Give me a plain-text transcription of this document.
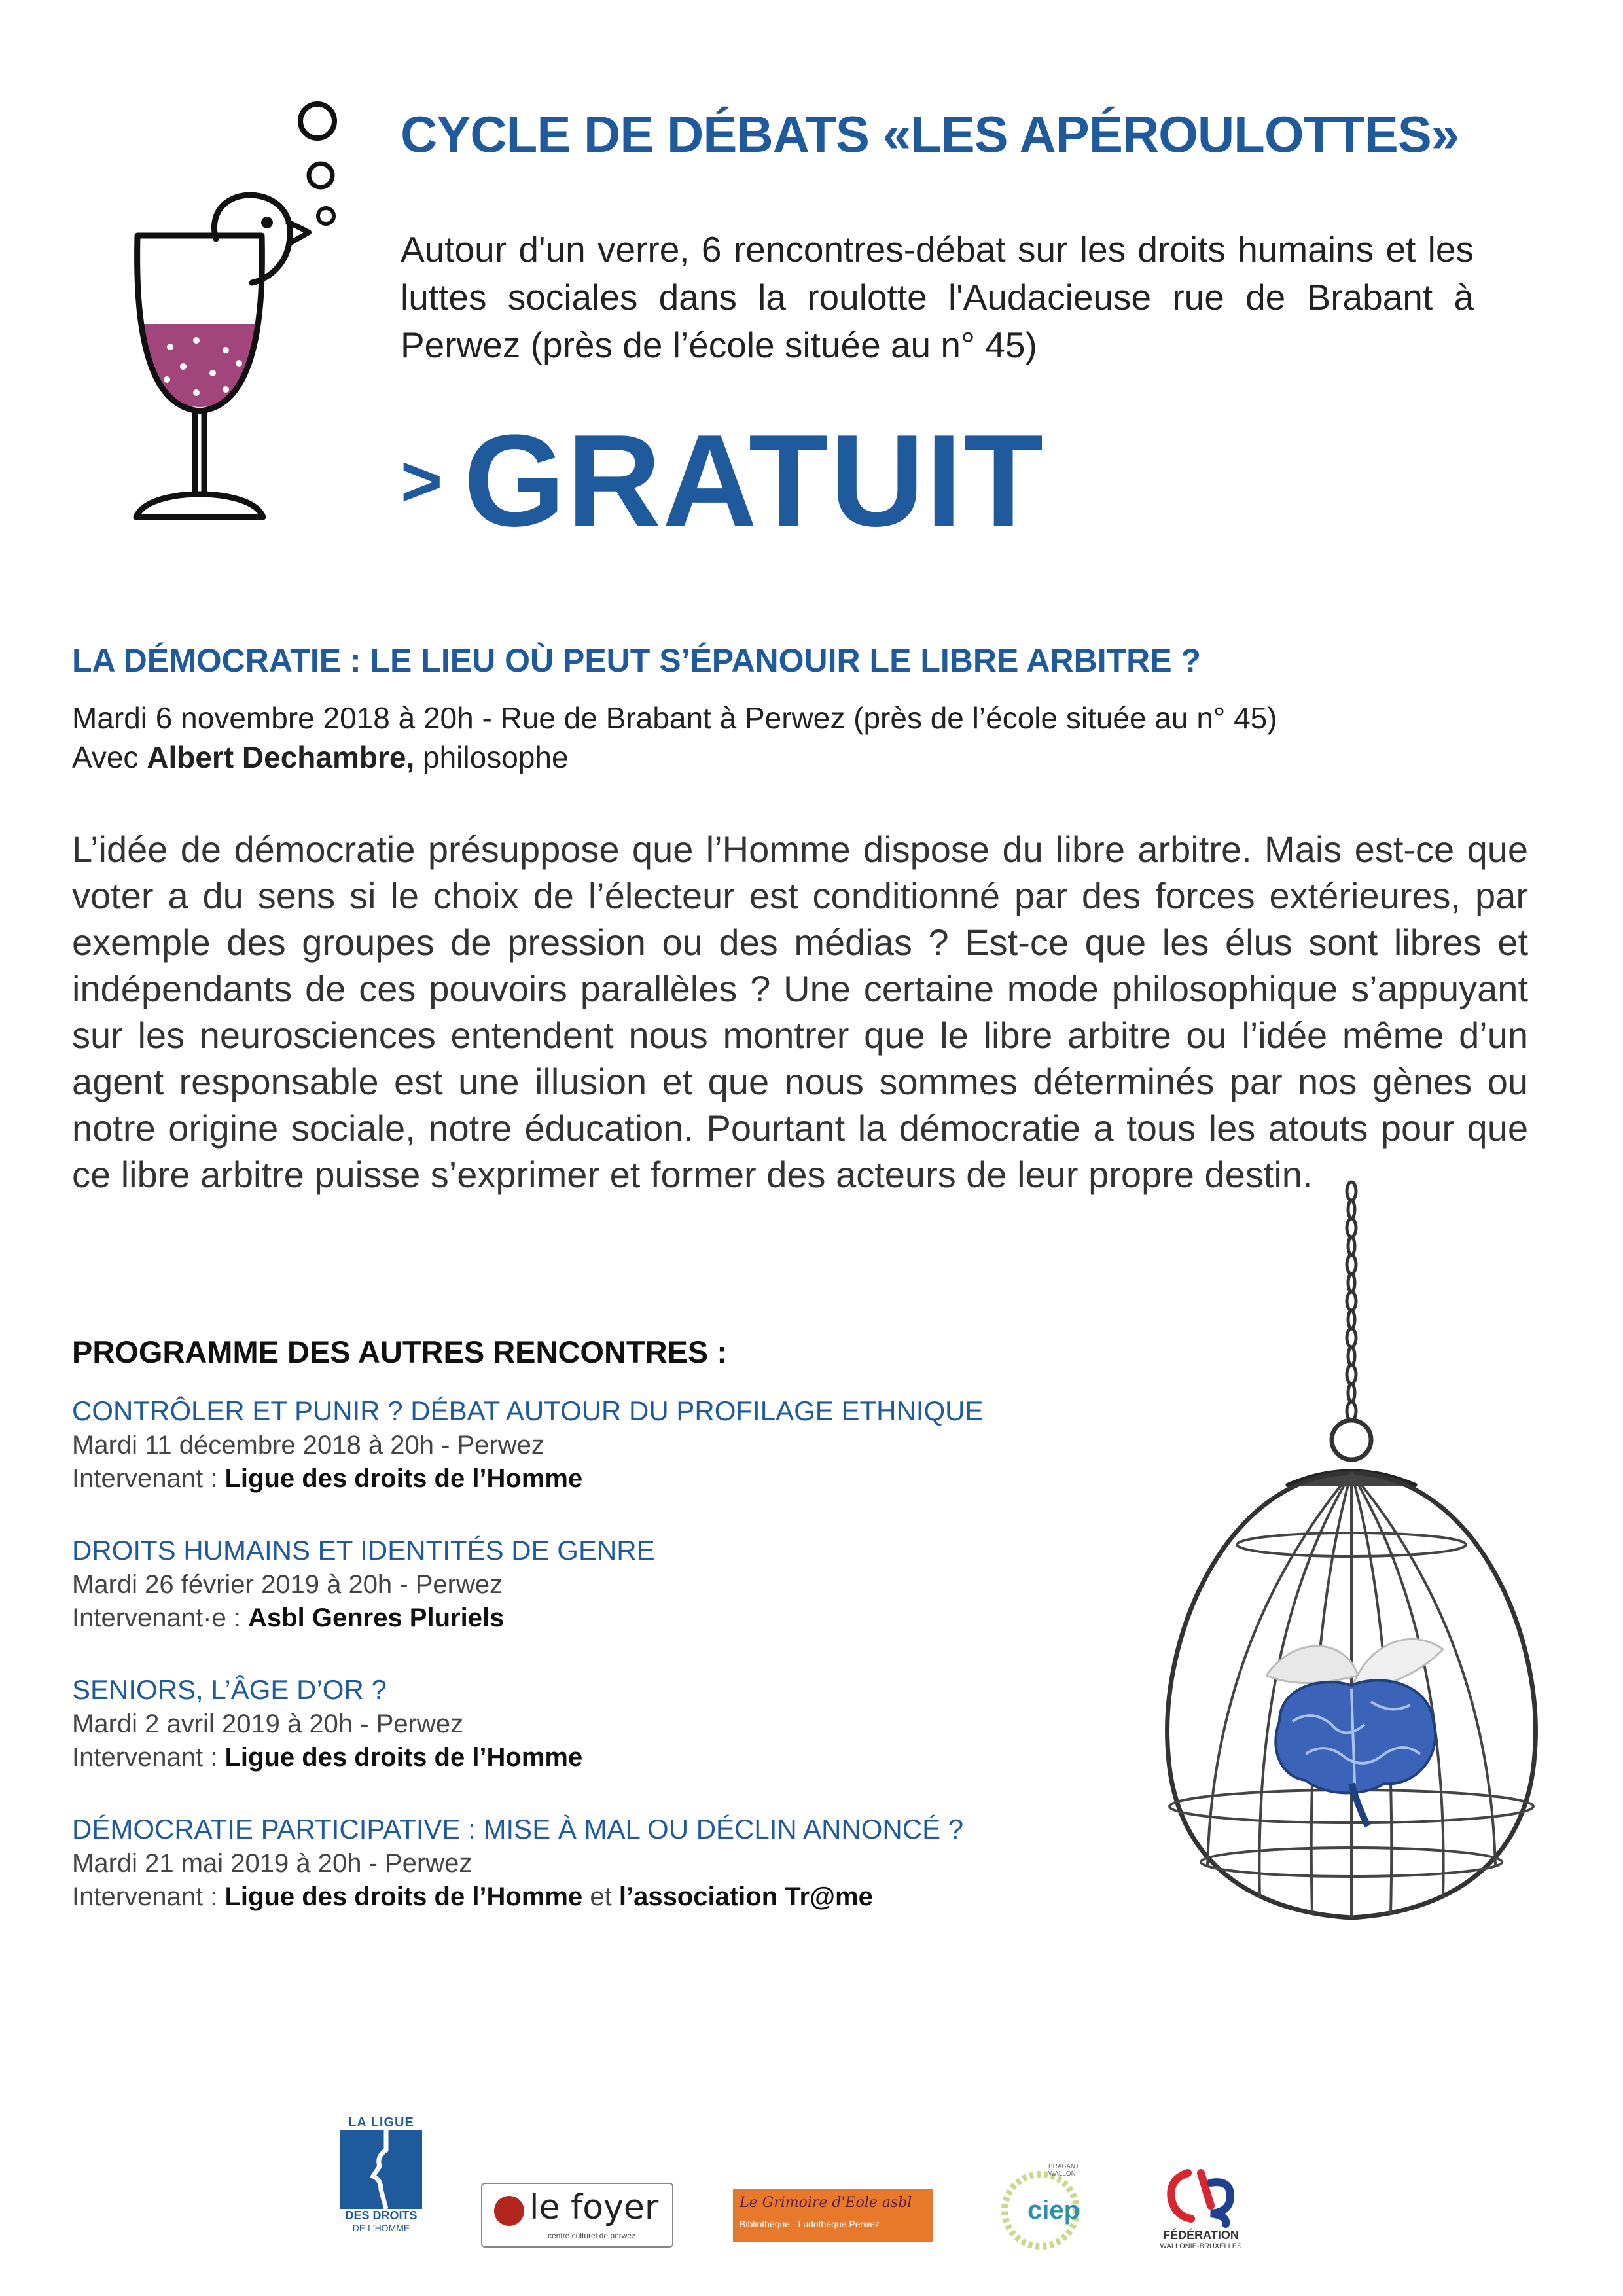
CYCLE DE DÉBATS «LES APÉROULOTTES»
Autour d'un verre, 6 rencontres-débat sur les droits humains et les luttes sociales dans la roulotte l'Audacieuse rue de Brabant à Perwez (près de l’école située au n° 45)
> GRATUIT
LA DÉMOCRATIE : LE LIEU OÙ PEUT S’ÉPANOUIR LE LIBRE ARBITRE ?
Mardi 6 novembre 2018 à 20h - Rue de Brabant à Perwez (près de l’école située au n° 45)
Avec Albert Dechambre, philosophe
L’idée de démocratie présuppose que l’Homme dispose du libre arbitre. Mais est-ce que voter a du sens si le choix de l’électeur est conditionné par des forces extérieures, par exemple des groupes de pression ou des médias ? Est-ce que les élus sont libres et indépendants de ces pouvoirs parallèles ? Une certaine mode philosophique s’appuyant sur les neurosciences entendent nous montrer que le libre arbitre ou l’idée même d’un agent responsable est une illusion et que nous sommes déterminés par nos gènes ou notre origine sociale, notre éducation. Pourtant la démocratie a tous les atouts pour que ce libre arbitre puisse s’exprimer et former des acteurs de leur propre destin.
PROGRAMME DES AUTRES RENCONTRES :
CONTRÔLER ET PUNIR ? DÉBAT AUTOUR DU PROFILAGE ETHNIQUE
Mardi 11 décembre 2018 à 20h - Perwez
Intervenant : Ligue des droits de l’Homme
DROITS HUMAINS ET IDENTITÉS DE GENRE
Mardi 26 février 2019 à 20h - Perwez
Intervenant·e : Asbl Genres Pluriels
SENIORS, L’ÂGE D’OR ?
Mardi 2 avril 2019 à 20h - Perwez
Intervenant : Ligue des droits de l’Homme
DÉMOCRATIE PARTICIPATIVE : MISE À MAL OU DÉCLIN ANNONCÉ ?
Mardi 21 mai 2019 à 20h - Perwez
Intervenant : Ligue des droits de l’Homme et l’association Tr@me
LA LIGUE
DES DROITS
DE L'HOMME
le foyer
centre culturel de perwez
Le Grimoire d'Eole asbl
Bibliothèque - Ludothèque Perwez	ciep
BRABANT WALLON
FÉDÉRATION
WALLONIE-BRUXELLES
